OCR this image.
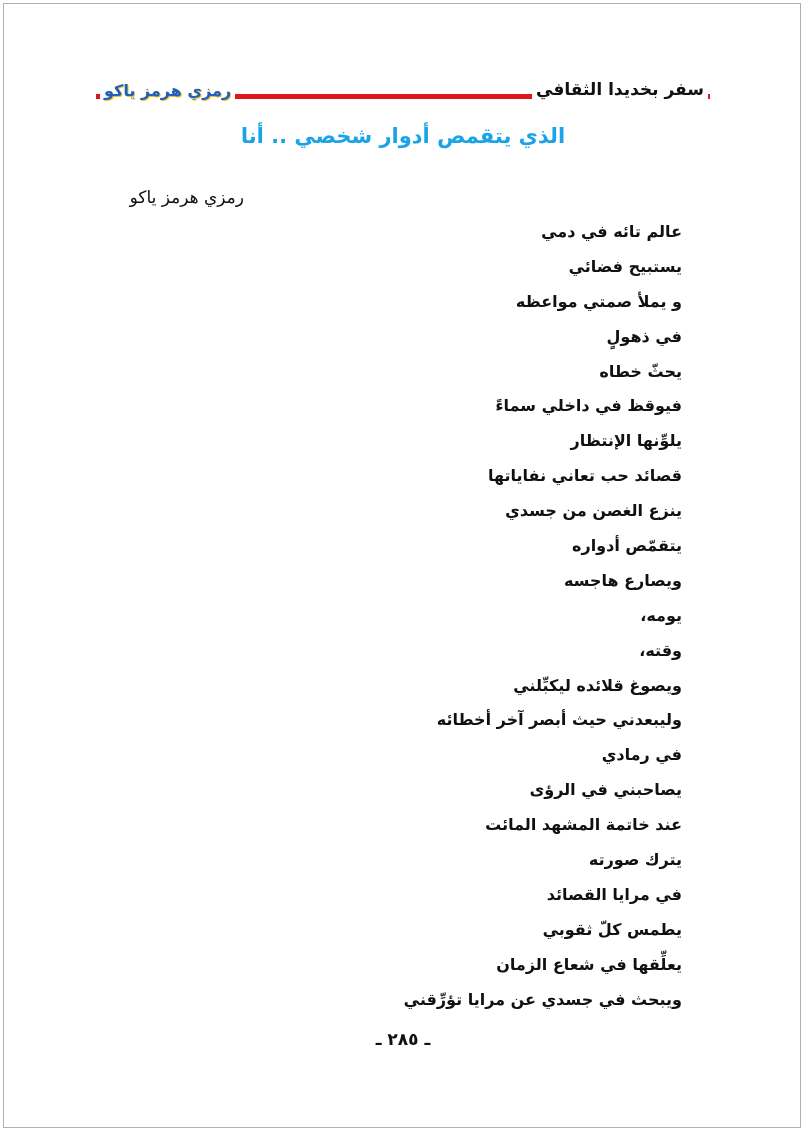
رمزي هرمز ياكو	سفر بخديدا الثقافي
الذي يتقمص أدوار شخصي .. أنا
رمزي هرمز ياكو
عالم تائه في دمي
يستبيح فضائي
و يملأ صمتي مواعظه
في ذهولٍ
يحثّ خطاه
فيوقظ في داخلي سماءً
يلوِّنها الإنتظار
قصائد حب تعاني نفاياتها
ينزع الغصن من جسدي
يتقمّص أدواره
ويصارع هاجسه
يومه،
وقته،
ويصوغ قلائده ليكبِّلني
وليبعدني حيث أبصر آخر أخطائه
في رمادي
يصاحبني في الرؤى
عند خاتمة المشهد المائت
يترك صورته
في مرايا القصائد
يطمس كلّ ثقوبي
يعلِّقها في شعاع الزمان
ويبحث في جسدي عن مرايا تؤرِّقني
ـ ٢٨٥ ـ
